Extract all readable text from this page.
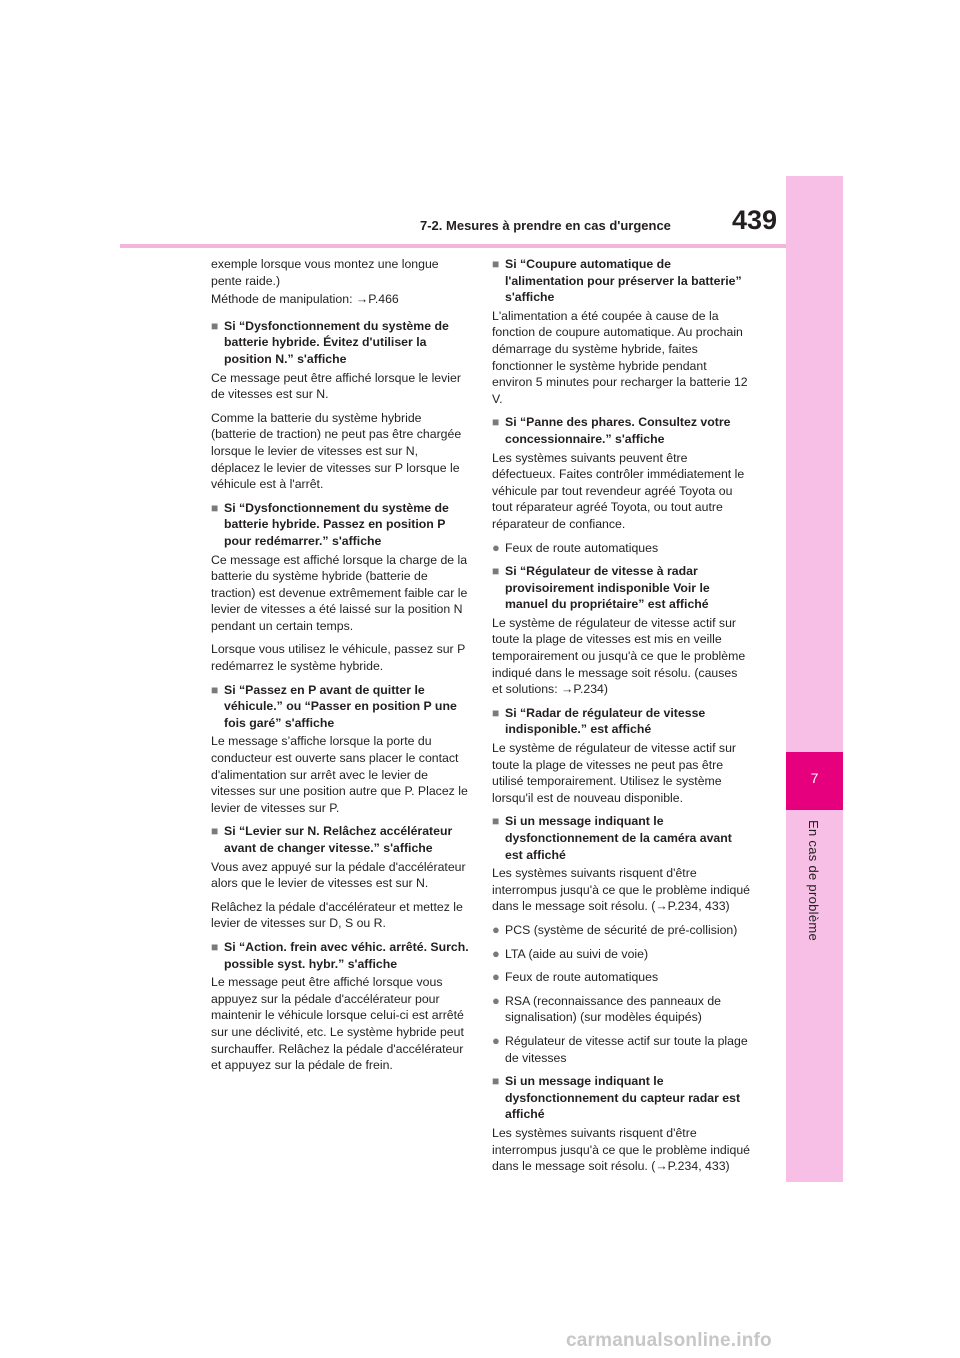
7-2. Mesures à prendre en cas d'urgence	439
7
En cas de problème

exemple lorsque vous montez une longue pente raide.)

Méthode de manipulation: →P.466

■ Si “Dysfonctionnement du système de batterie hybride. Évitez d'utiliser la position N.” s'affiche

Ce message peut être affiché lorsque le levier de vitesses est sur N.

Comme la batterie du système hybride (batterie de traction) ne peut pas être chargée lorsque le levier de vitesses est sur N, déplacez le levier de vitesses sur P lorsque le véhicule est à l'arrêt.

■ Si “Dysfonctionnement du système de batterie hybride. Passez en position P pour redémarrer.” s'affiche

Ce message est affiché lorsque la charge de la batterie du système hybride (batterie de traction) est devenue extrêmement faible car le levier de vitesses a été laissé sur la position N pendant un certain temps.

Lorsque vous utilisez le véhicule, passez sur P redémarrez le système hybride.

■ Si “Passez en P avant de quitter le véhicule.” ou “Passer en position P une fois garé” s'affiche

Le message s’affiche lorsque la porte du conducteur est ouverte sans placer le contact d'alimentation sur arrêt avec le levier de vitesses sur une position autre que P. Placez le levier de vitesses sur P.

■ Si “Levier sur N. Relâchez accélérateur avant de changer vitesse.” s'affiche

Vous avez appuyé sur la pédale d'accélérateur alors que le levier de vitesses est sur N.

Relâchez la pédale d'accélérateur et mettez le levier de vitesses sur D, S ou R.

■ Si “Action. frein avec véhic. arrêté. Surch. possible syst. hybr.” s'affiche

Le message peut être affiché lorsque vous appuyez sur la pédale d'accélérateur pour maintenir le véhicule lorsque celui-ci est arrêté sur une déclivité, etc. Le système hybride peut surchauffer. Relâchez la pédale d'accélérateur et appuyez sur la pédale de frein.

■ Si “Coupure automatique de l'alimentation pour préserver la batterie” s'affiche

L'alimentation a été coupée à cause de la fonction de coupure automatique. Au prochain démarrage du système hybride, faites fonctionner le système hybride pendant environ 5 minutes pour recharger la batterie 12 V.

■ Si “Panne des phares. Consultez votre concessionnaire.” s'affiche

Les systèmes suivants peuvent être défectueux. Faites contrôler immédiatement le véhicule par tout revendeur agréé Toyota ou tout réparateur agréé Toyota, ou tout autre réparateur de confiance.

● Feux de route automatiques
■ Si “Régulateur de vitesse à radar provisoirement indisponible Voir le manuel du propriétaire” est affiché

Le système de régulateur de vitesse actif sur toute la plage de vitesses est mis en veille temporairement ou jusqu'à ce que le problème indiqué dans le message soit résolu. (causes et solutions: →P.234)

■ Si “Radar de régulateur de vitesse indisponible.” est affiché

Le système de régulateur de vitesse actif sur toute la plage de vitesses ne peut pas être utilisé temporairement. Utilisez le système lorsqu'il est de nouveau disponible.

■ Si un message indiquant le dysfonctionnement de la caméra avant est affiché

Les systèmes suivants risquent d'être interrompus jusqu'à ce que le problème indiqué dans le message soit résolu. (→P.234, 433)

● PCS (système de sécurité de pré-collision)
● LTA (aide au suivi de voie)
● Feux de route automatiques
● RSA (reconnaissance des panneaux de signalisation) (sur modèles équipés)
● Régulateur de vitesse actif sur toute la plage de vitesses
■ Si un message indiquant le dysfonctionnement du capteur radar est affiché

Les systèmes suivants risquent d'être interrompus jusqu'à ce que le problème indiqué dans le message soit résolu. (→P.234, 433)

carmanualsonline.info
